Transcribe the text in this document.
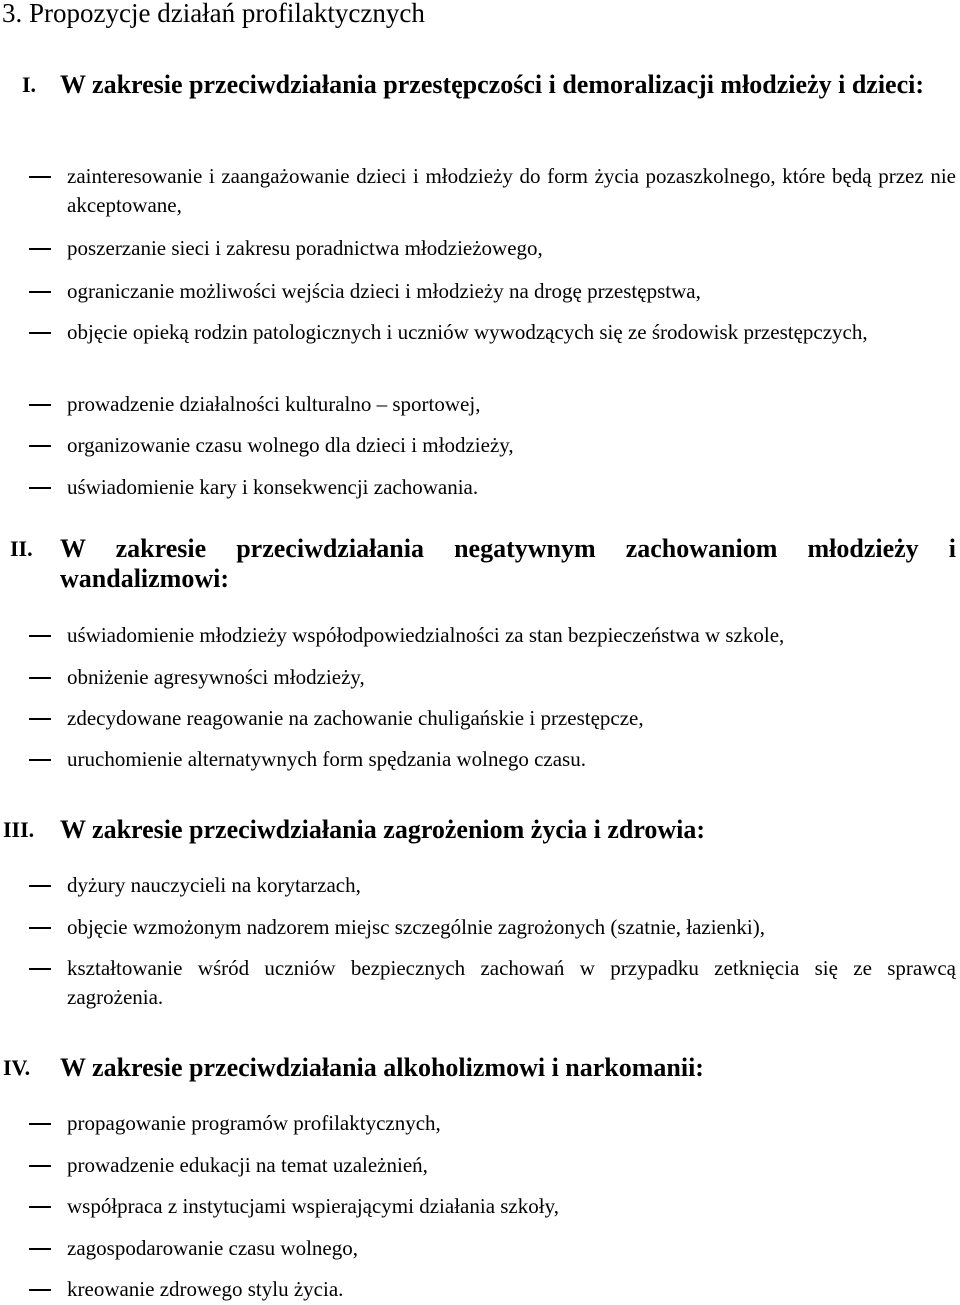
3. Propozycje działań profilaktycznych
I. W zakresie przeciwdziałania przestępczości i demoralizacji młodzieży i dzieci:
zainteresowanie i zaangażowanie dzieci i młodzieży do form życia pozaszkolnego, które będą przez nie akceptowane,
poszerzanie sieci i zakresu poradnictwa młodzieżowego,
ograniczanie możliwości wejścia dzieci i młodzieży na drogę przestępstwa,
objęcie opieką rodzin patologicznych i uczniów wywodzących się ze środowisk przestępczych,
prowadzenie działalności kulturalno – sportowej,
organizowanie czasu wolnego dla dzieci i młodzieży,
uświadomienie kary i konsekwencji zachowania.
II. W zakresie przeciwdziałania negatywnym zachowaniom młodzieży i wandalizmowi:
uświadomienie młodzieży współodpowiedzialności za stan bezpieczeństwa w szkole,
obniżenie agresywności młodzieży,
zdecydowane reagowanie na zachowanie chuligańskie i przestępcze,
uruchomienie alternatywnych form spędzania wolnego czasu.
III. W zakresie przeciwdziałania zagrożeniom życia i zdrowia:
dyżury nauczycieli na korytarzach,
objęcie wzmożonym nadzorem miejsc szczególnie zagrożonych (szatnie, łazienki),
kształtowanie wśród uczniów bezpiecznych zachowań w przypadku zetknięcia się ze sprawcą zagrożenia.
IV. W zakresie przeciwdziałania alkoholizmowi i narkomanii:
propagowanie programów profilaktycznych,
prowadzenie edukacji na temat uzależnień,
współpraca z instytucjami wspierającymi działania szkoły,
zagospodarowanie czasu wolnego,
kreowanie zdrowego stylu życia.
